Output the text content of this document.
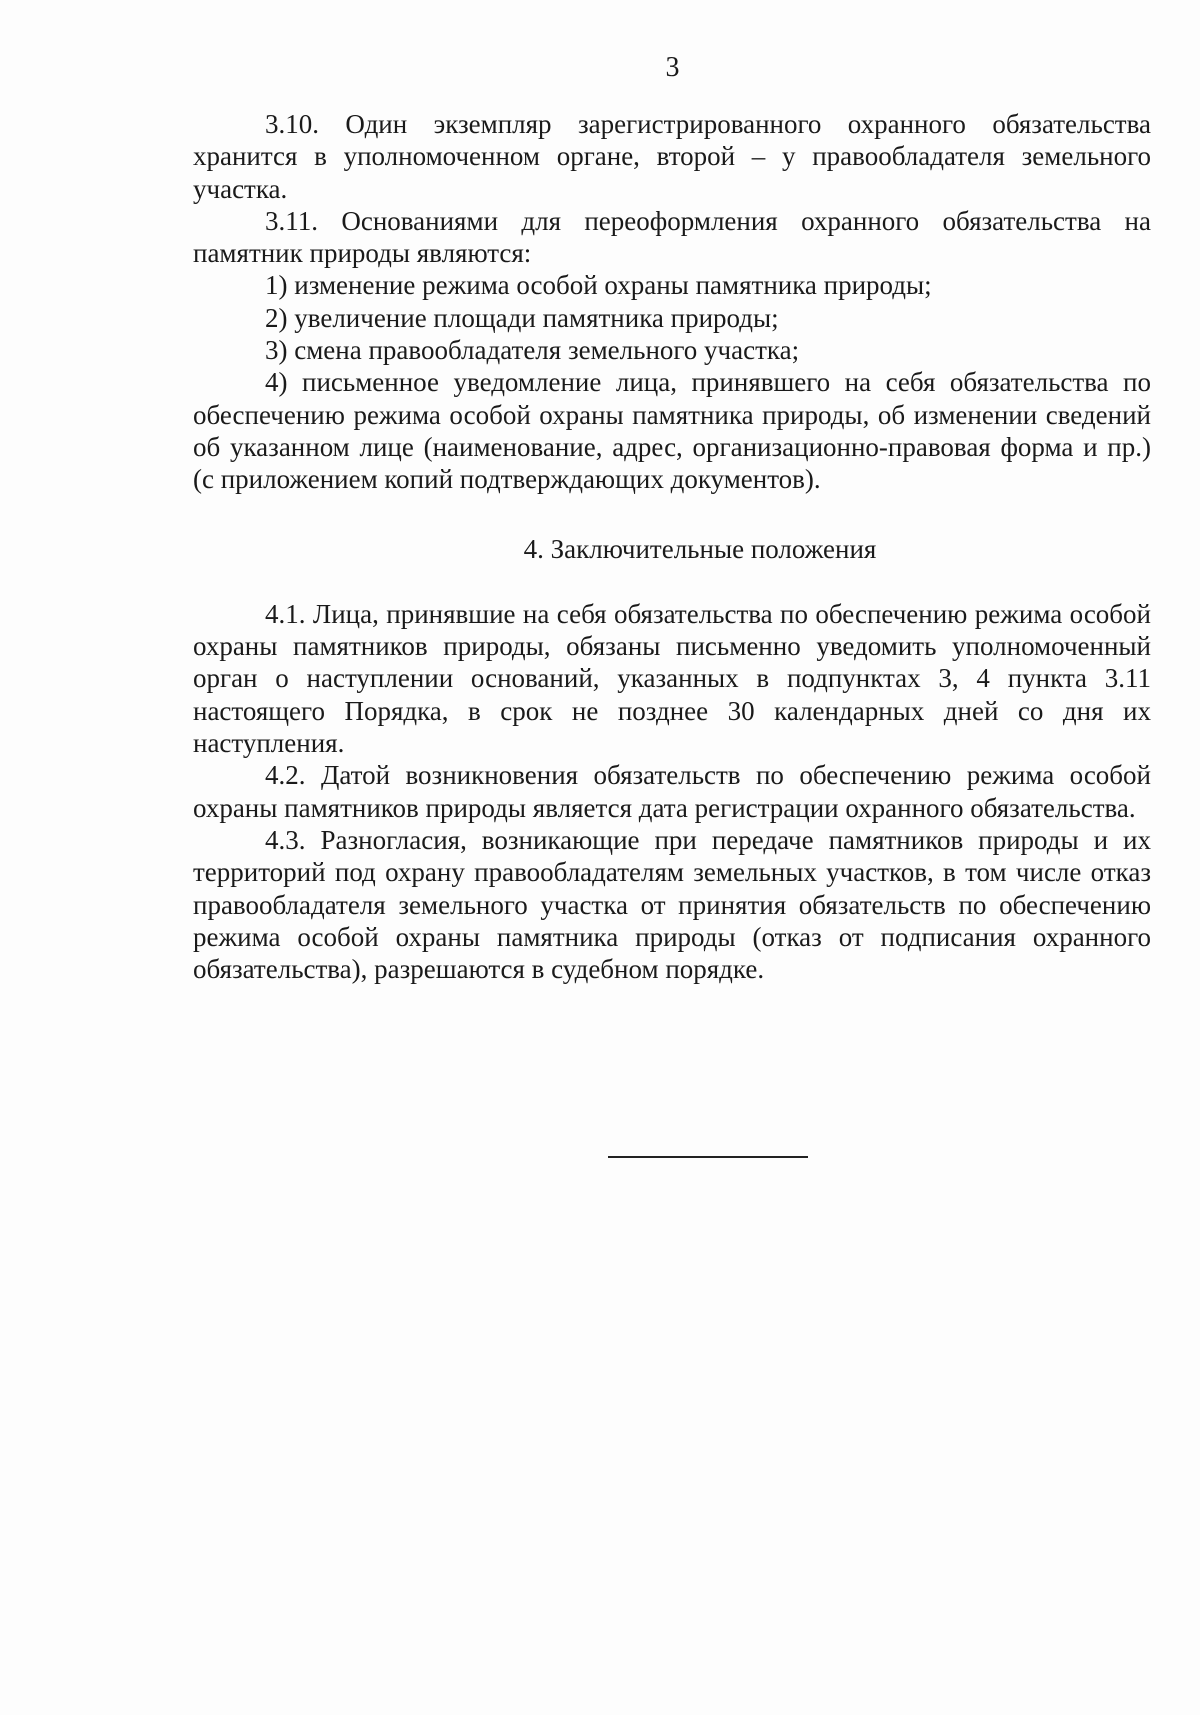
3

3.10. Один экземпляр зарегистрированного охранного обязательства хранится в уполномоченном органе, второй – у правообладателя земельного участка.

3.11. Основаниями для переоформления охранного обязательства на памятник природы являются:

1) изменение режима особой охраны памятника природы;

2) увеличение площади памятника природы;

3) смена правообладателя земельного участка;

4) письменное уведомление лица, принявшего на себя обязательства по обеспечению режима особой охраны памятника природы, об изменении сведений об указанном лице (наименование, адрес, организационно-правовая форма и пр.) (с приложением копий подтверждающих документов).

4. Заключительные положения

4.1. Лица, принявшие на себя обязательства по обеспечению режима особой охраны памятников природы, обязаны письменно уведомить уполномоченный орган о наступлении оснований, указанных в подпунктах 3, 4 пункта 3.11 настоящего Порядка, в срок не позднее 30 календарных дней со дня их наступления.

4.2. Датой возникновения обязательств по обеспечению режима особой охраны памятников природы является дата регистрации охранного обязательства.

4.3. Разногласия, возникающие при передаче памятников природы и их территорий под охрану правообладателям земельных участков, в том числе отказ правообладателя земельного участка от принятия обязательств по обеспечению режима особой охраны памятника природы (отказ от подписания охранного обязательства), разрешаются в судебном порядке.
